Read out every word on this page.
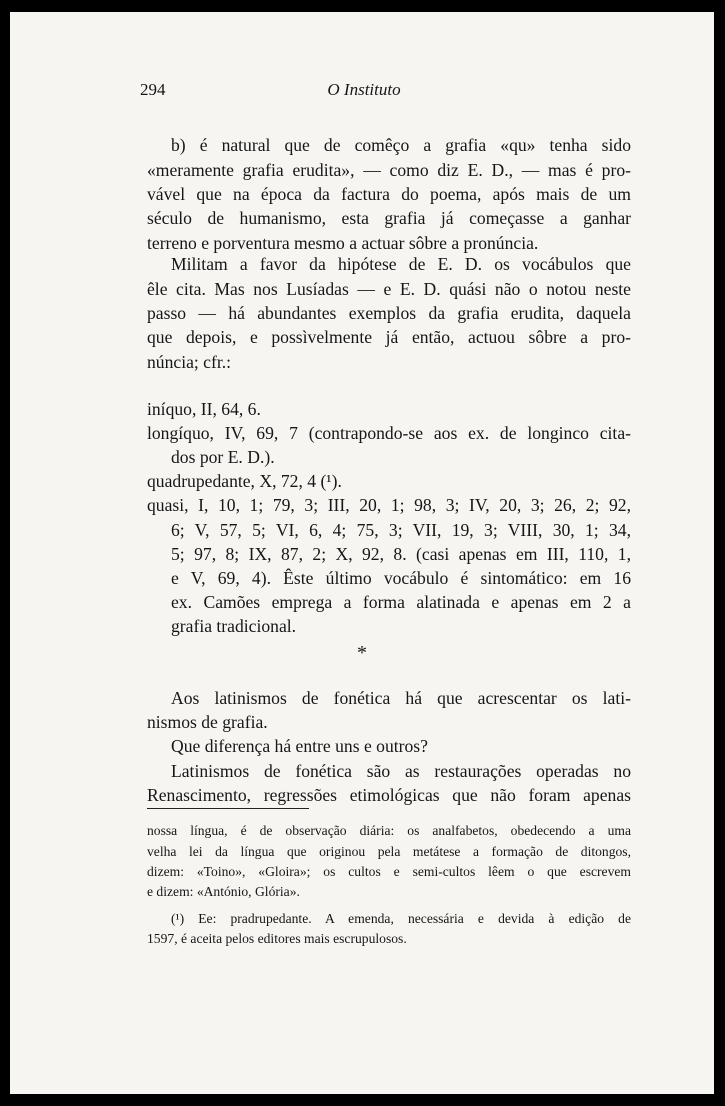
294	O Instituto
b) é natural que de comêço a grafia «qu» tenha sido
«meramente grafia erudita», — como diz E. D., — mas é pro-
vável que na época da factura do poema, após mais de um
século de humanismo, esta grafia já começasse a ganhar
terreno e porventura mesmo a actuar sôbre a pronúncia.
Militam a favor da hipótese de E. D. os vocábulos que
êle cita. Mas nos Lusíadas — e E. D. quási não o notou neste
passo — há abundantes exemplos da grafia erudita, daquela
que depois, e possìvelmente já então, actuou sôbre a pro-
núncia; cfr.:
iníquo, II, 64, 6.
longíquo, IV, 69, 7 (contrapondo-se aos ex. de longinco cita-
dos por E. D.).
quadrupedante, X, 72, 4 (¹).
quasi, I, 10, 1; 79, 3; III, 20, 1; 98, 3; IV, 20, 3; 26, 2; 92,
6; V, 57, 5; VI, 6, 4; 75, 3; VII, 19, 3; VIII, 30, 1; 34,
5; 97, 8; IX, 87, 2; X, 92, 8. (casi apenas em III, 110, 1,
e V, 69, 4). Êste último vocábulo é sintomático: em 16
ex. Camões emprega a forma alatinada e apenas em 2 a
grafia tradicional.
*
Aos latinismos de fonética há que acrescentar os lati-
nismos de grafia.
Que diferença há entre uns e outros?
Latinismos de fonética são as restaurações operadas no
Renascimento, regressões etimológicas que não foram apenas
nossa língua, é de observação diária: os analfabetos, obedecendo a uma
velha lei da língua que originou pela metátese a formação de ditongos,
dizem: «Toino», «Gloira»; os cultos e semi-cultos lêem o que escrevem
e dizem: «António, Glória».
(¹) Ee: pradrupedante. A emenda, necessária e devida à edição de
1597, é aceita pelos editores mais escrupulosos.
